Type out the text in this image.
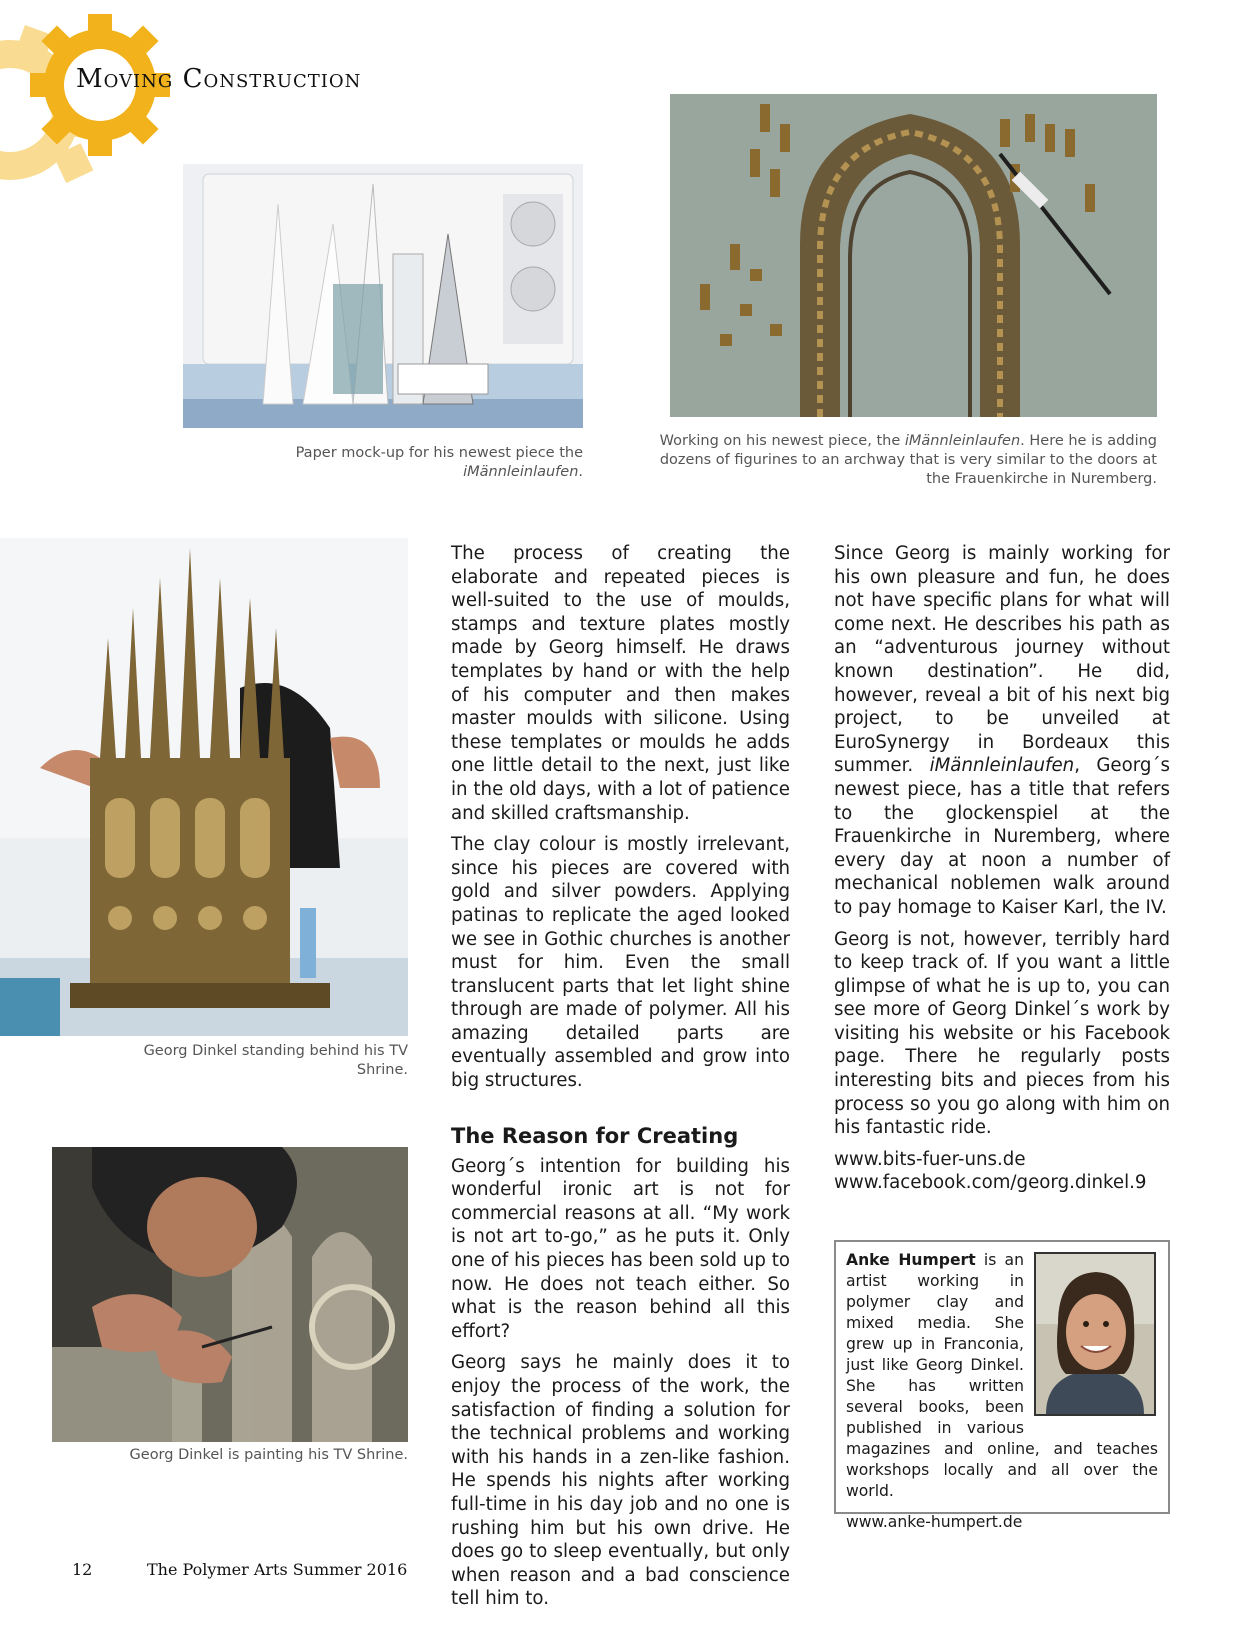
Moving Construction
Paper mock-up for his newest piece the
iMännleinlaufen.
Working on his newest piece, the iMännleinlaufen. Here he is adding
dozens of figurines to an archway that is very similar to the doors at
the Frauenkirche in Nuremberg.
Georg Dinkel standing behind his TV
Shrine.
Georg Dinkel is painting his TV Shrine.

The process of creating the elaborate and repeated pieces is well-suited to the use of moulds, stamps and texture plates mostly made by Georg himself. He draws templates by hand or with the help of his computer and then makes master moulds with silicone. Using these templates or moulds he adds one little detail to the next, just like in the old days, with a lot of patience and skilled craftsmanship.

The clay colour is mostly irrelevant, since his pieces are covered with gold and silver powders. Applying patinas to replicate the aged looked we see in Gothic churches is another must for him. Even the small translucent parts that let light shine through are made of polymer. All his amazing detailed parts are eventually assembled and grow into big structures.

The Reason for Creating

Georg´s intention for building his wonderful ironic art is not for commercial reasons at all. “My work is not art to-go,” as he puts it. Only one of his pieces has been sold up to now. He does not teach either. So what is the reason behind all this effort?

Georg says he mainly does it to enjoy the process of the work, the satisfaction of finding a solution for the technical problems and working with his hands in a zen-like fashion. He spends his nights after working full-time in his day job and no one is rushing him but his own drive. He does go to sleep eventually, but only when reason and a bad conscience tell him to.

Since Georg is mainly working for his own pleasure and fun, he does not have specific plans for what will come next. He describes his path as an “adventurous journey without known destination”. He did, however, reveal a bit of his next big project, to be unveiled at EuroSynergy in Bordeaux this summer. iMännleinlaufen, Georg´s newest piece, has a title that refers to the glockenspiel at the Frauenkirche in Nuremberg, where every day at noon a number of mechanical noblemen walk around to pay homage to Kaiser Karl, the IV.

Georg is not, however, terribly hard to keep track of. If you want a little glimpse of what he is up to, you can see more of Georg Dinkel´s work by visiting his website or his Facebook page. There he regularly posts interesting bits and pieces from his process so you go along with him on his fantastic ride.

www.bits-fuer-uns.de

www.facebook.com/georg.dinkel.9

Anke Humpert is an artist working in polymer clay and mixed media. She grew up in Franconia, just like Georg Dinkel. She has written several books, been published in various magazines and online, and teaches workshops locally and all over the world.
www.anke-humpert.de
12	The Polymer Arts Summer 2016
